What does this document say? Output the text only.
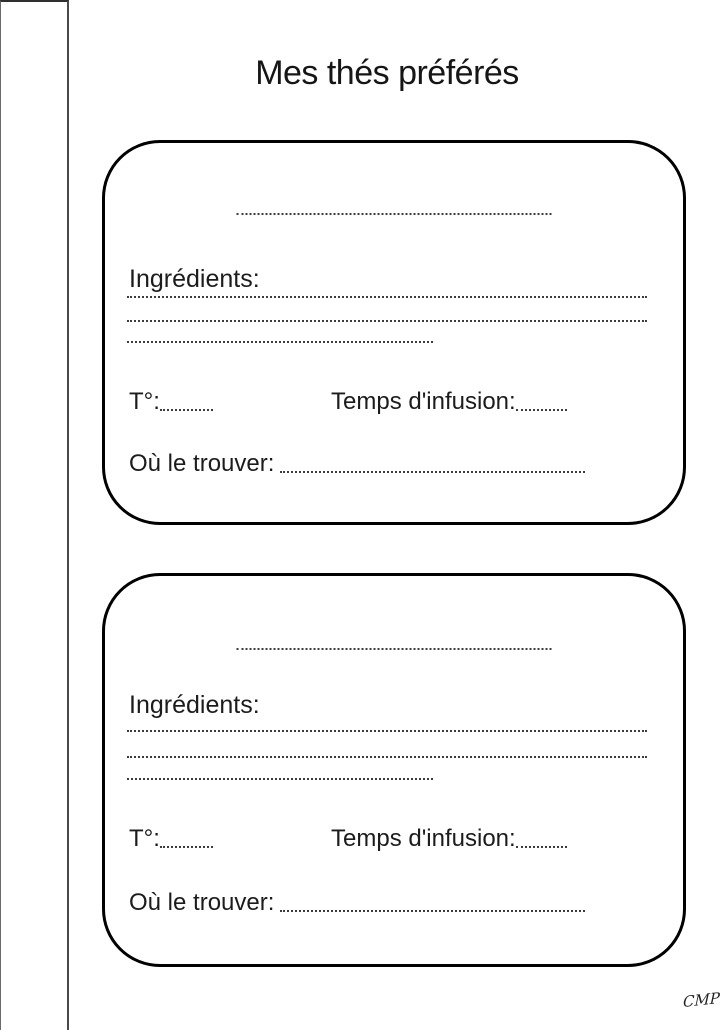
Mes thés préférés
Ingrédients:
T°:	Temps d'infusion:
Où le trouver:
Ingrédients:
T°:	Temps d'infusion:
Où le trouver:
CMP
